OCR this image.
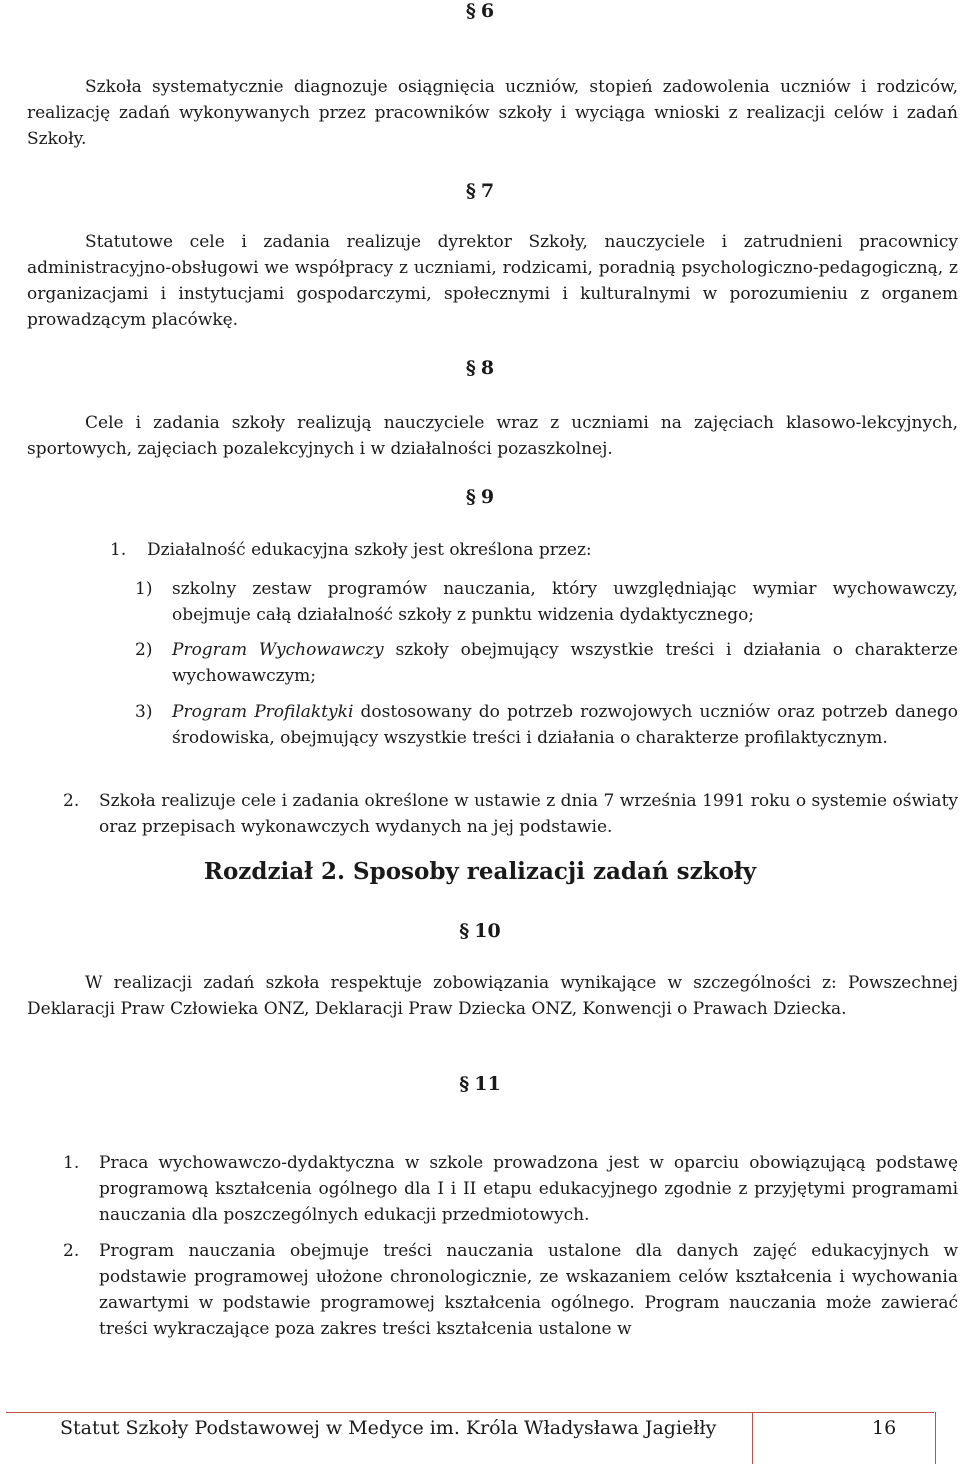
§ 6

Szkoła systematycznie diagnozuje osiągnięcia uczniów, stopień zadowolenia uczniów i rodziców, realizację zadań wykonywanych przez pracowników szkoły i wyciąga wnioski z realizacji celów i zadań Szkoły.

§ 7

Statutowe cele i zadania realizuje dyrektor Szkoły, nauczyciele i zatrudnieni pracownicy administracyjno-obsługowi we współpracy z uczniami, rodzicami, poradnią psychologiczno-pedagogiczną, z organizacjami i instytucjami gospodarczymi, społecznymi i kulturalnymi w porozumieniu z organem prowadzącym placówkę.

§ 8

Cele i zadania szkoły realizują nauczyciele wraz z uczniami na zajęciach klasowo-lekcyjnych, sportowych, zajęciach pozalekcyjnych i w działalności pozaszkolnej.

§ 9
1. Działalność edukacyjna szkoły jest określona przez:

1) szkolny zestaw programów nauczania, który uwzględniając wymiar wychowawczy, obejmuje całą działalność szkoły z punktu widzenia dydaktycznego;

2) Program Wychowawczy szkoły obejmujący wszystkie treści i działania o charakterze wychowawczym;

3) Program Profilaktyki dostosowany do potrzeb rozwojowych uczniów oraz potrzeb danego środowiska, obejmujący wszystkie treści i działania o charakterze profilaktycznym.

2. Szkoła realizuje cele i zadania określone w ustawie z dnia 7 września 1991 roku o systemie oświaty oraz przepisach wykonawczych wydanych na jej podstawie.

Rozdział 2. Sposoby realizacji zadań szkoły
§ 10

W realizacji zadań szkoła respektuje zobowiązania wynikające w szczególności z: Powszechnej Deklaracji Praw Człowieka ONZ, Deklaracji Praw Dziecka ONZ, Konwencji o Prawach Dziecka.

§ 11
1. Praca wychowawczo-dydaktyczna w szkole prowadzona jest w oparciu obowiązującą podstawę programową kształcenia ogólnego dla I i II etapu edukacyjnego zgodnie z przyjętymi programami nauczania dla poszczególnych edukacji przedmiotowych.

2. Program nauczania obejmuje treści nauczania ustalone dla danych zajęć edukacyjnych w podstawie programowej ułożone chronologicznie, ze wskazaniem celów kształcenia i wychowania zawartymi w podstawie programowej kształcenia ogólnego. Program nauczania może zawierać treści wykraczające poza zakres treści kształcenia ustalone w

Statut Szkoły Podstawowej w Medyce im. Króla Władysława Jagiełły	16
